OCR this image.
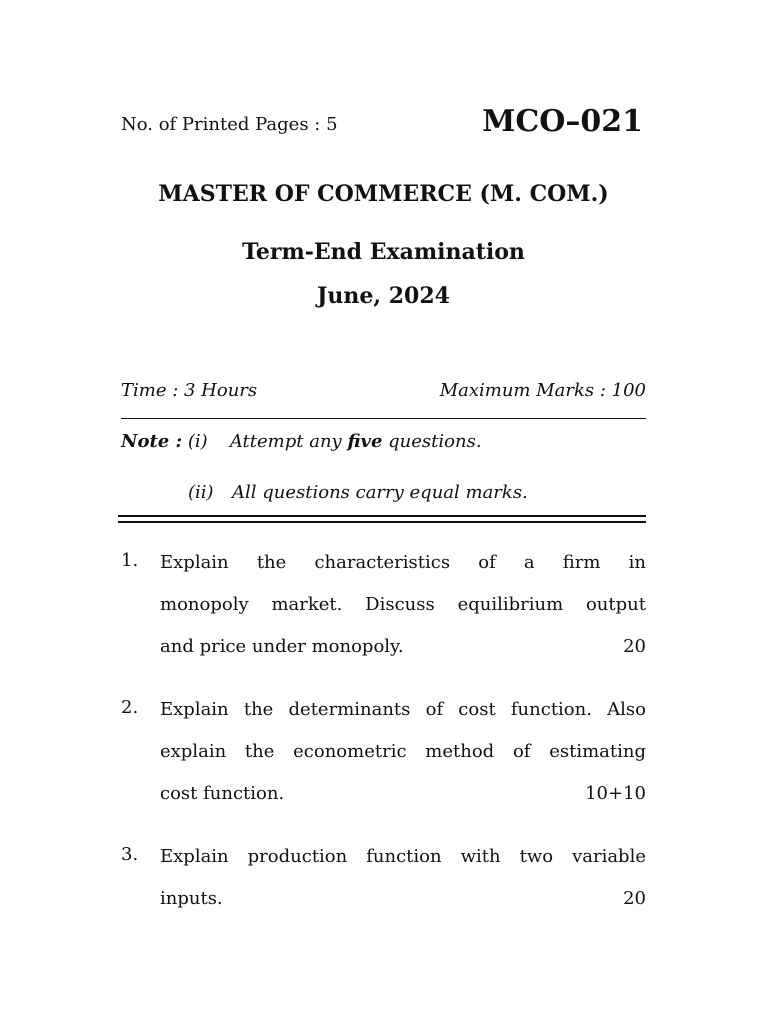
No. of Printed Pages : 5	MCO–021
MASTER OF COMMERCE (M. COM.)
Term-End Examination
June, 2024
Time : 3 Hours	Maximum Marks : 100
Note : (i) Attempt any five questions.
(ii) All questions carry equal marks.
1. Explain the characteristics of a firm in
monopoly market. Discuss equilibrium output
and price under monopoly.	20
2. Explain the determinants of cost function. Also
explain the econometric method of estimating
cost function.	10+10
3. Explain production function with two variable
inputs.	20
